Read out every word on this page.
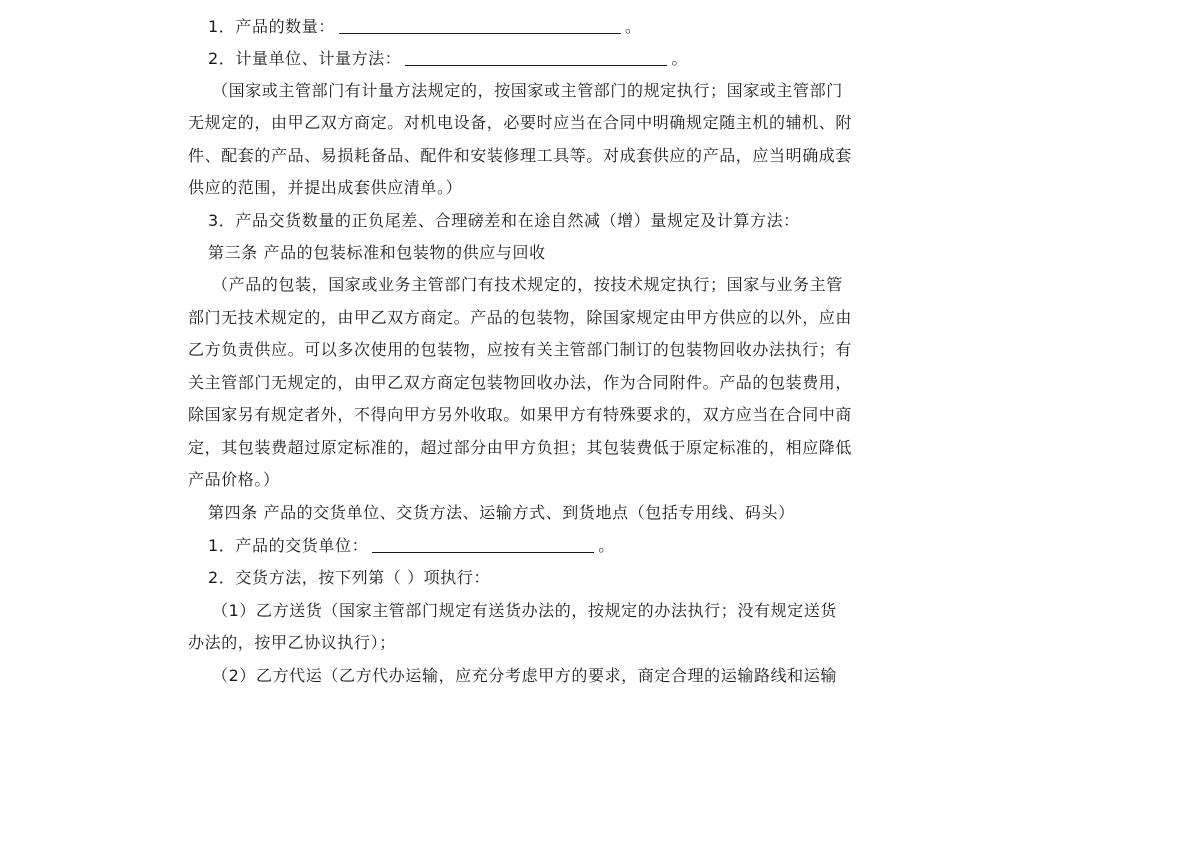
1．产品的数量：	。
2．计量单位、计量方法：	。
（国家或主管部门有计量方法规定的，按国家或主管部门的规定执行；国家或主管部门
无规定的，由甲乙双方商定。对机电设备，必要时应当在合同中明确规定随主机的辅机、附
件、配套的产品、易损耗备品、配件和安装修理工具等。对成套供应的产品，应当明确成套
供应的范围，并提出成套供应清单。）
3．产品交货数量的正负尾差、合理磅差和在途自然减（增）量规定及计算方法：
第三条 产品的包装标准和包装物的供应与回收
（产品的包装，国家或业务主管部门有技术规定的，按技术规定执行；国家与业务主管
部门无技术规定的，由甲乙双方商定。产品的包装物，除国家规定由甲方供应的以外，应由
乙方负责供应。可以多次使用的包装物，应按有关主管部门制订的包装物回收办法执行；有
关主管部门无规定的，由甲乙双方商定包装物回收办法，作为合同附件。产品的包装费用，
除国家另有规定者外，不得向甲方另外收取。如果甲方有特殊要求的，双方应当在合同中商
定，其包装费超过原定标准的，超过部分由甲方负担；其包装费低于原定标准的，相应降低
产品价格。）
第四条 产品的交货单位、交货方法、运输方式、到货地点（包括专用线、码头）
1．产品的交货单位：	。
2．交货方法，按下列第（ ）项执行：
（1）乙方送货（国家主管部门规定有送货办法的，按规定的办法执行；没有规定送货
办法的，按甲乙协议执行）；
（2）乙方代运（乙方代办运输，应充分考虑甲方的要求，商定合理的运输路线和运输
